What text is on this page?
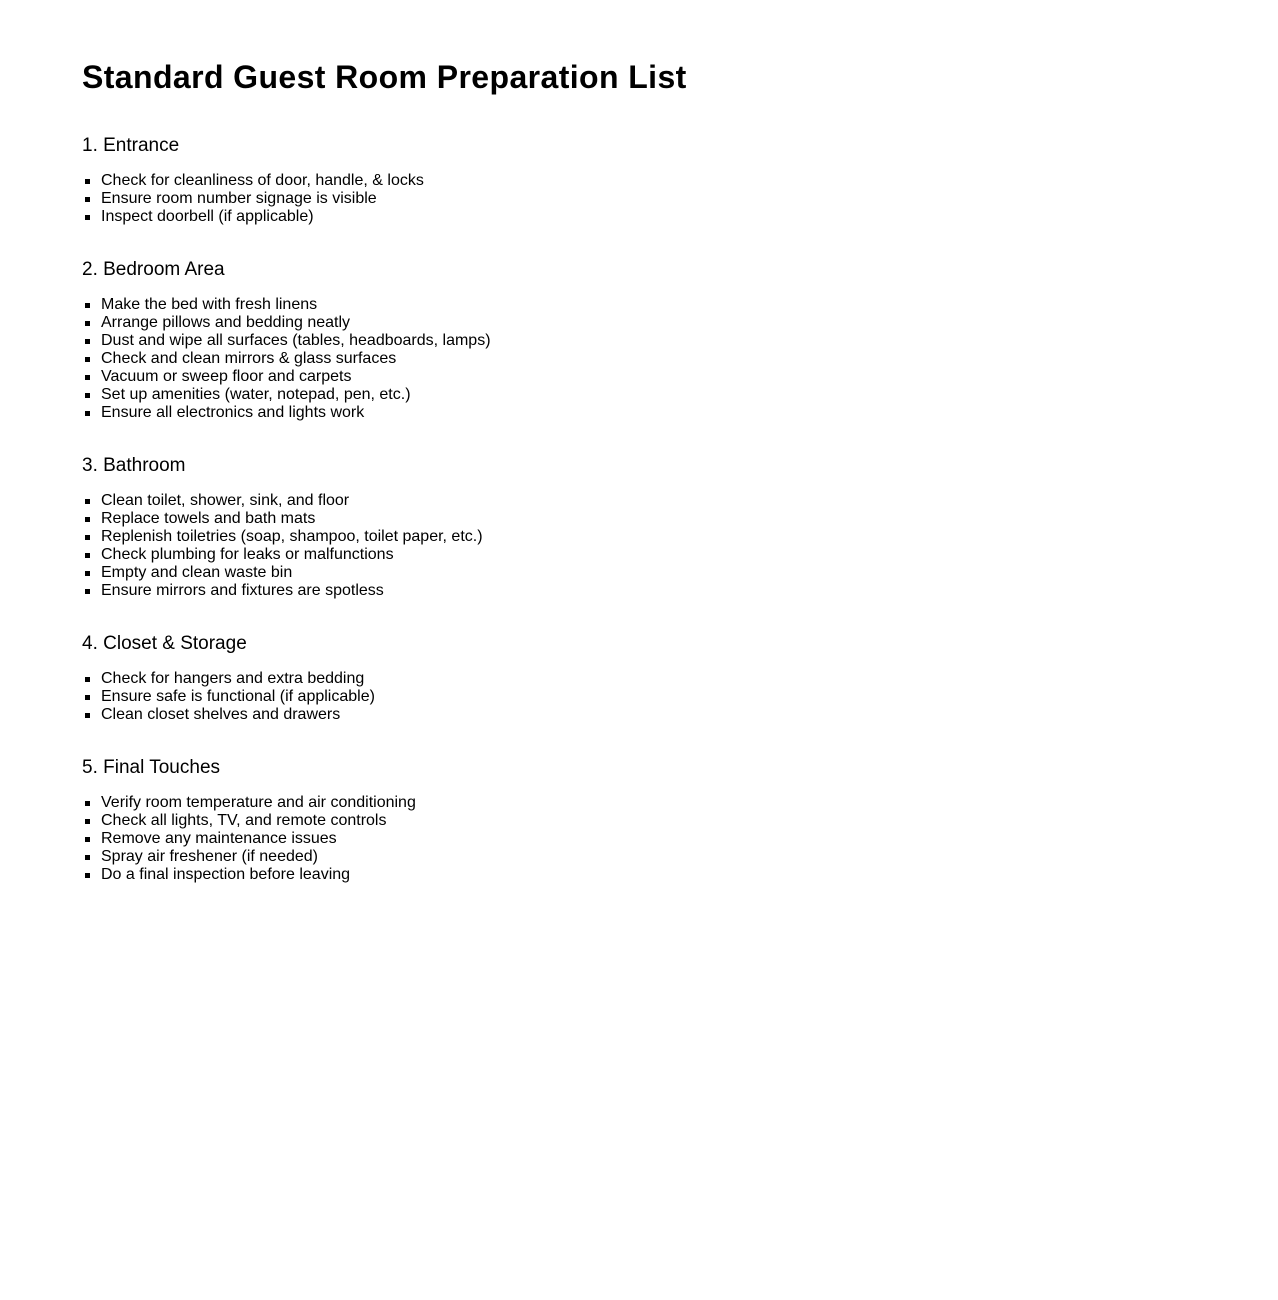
Standard Guest Room Preparation List
1. Entrance
Check for cleanliness of door, handle, & locks
Ensure room number signage is visible
Inspect doorbell (if applicable)
2. Bedroom Area
Make the bed with fresh linens
Arrange pillows and bedding neatly
Dust and wipe all surfaces (tables, headboards, lamps)
Check and clean mirrors & glass surfaces
Vacuum or sweep floor and carpets
Set up amenities (water, notepad, pen, etc.)
Ensure all electronics and lights work
3. Bathroom
Clean toilet, shower, sink, and floor
Replace towels and bath mats
Replenish toiletries (soap, shampoo, toilet paper, etc.)
Check plumbing for leaks or malfunctions
Empty and clean waste bin
Ensure mirrors and fixtures are spotless
4. Closet & Storage
Check for hangers and extra bedding
Ensure safe is functional (if applicable)
Clean closet shelves and drawers
5. Final Touches
Verify room temperature and air conditioning
Check all lights, TV, and remote controls
Remove any maintenance issues
Spray air freshener (if needed)
Do a final inspection before leaving
